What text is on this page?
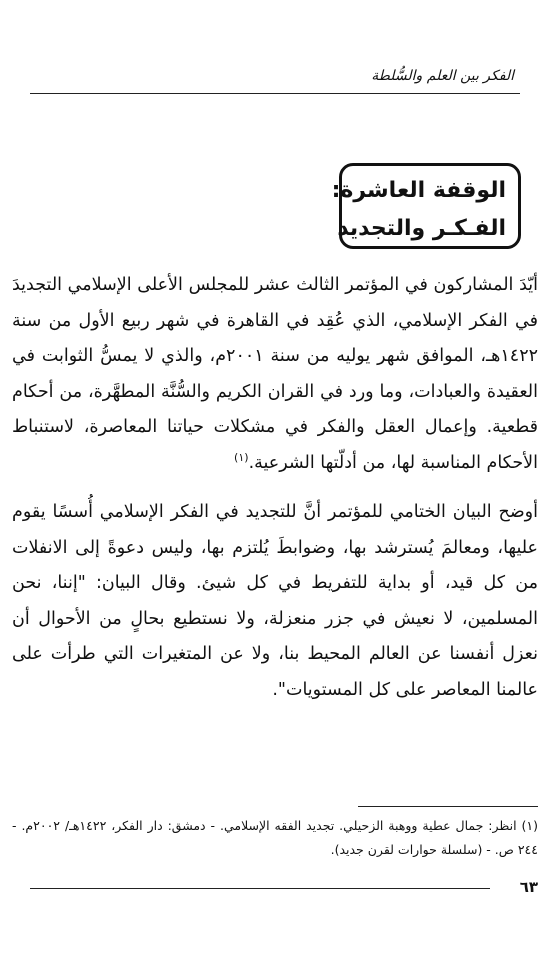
الفكر بين العلم والسُّلطة
الوقفة العاشرة:
الفـكـر والتجديد

أيّدَ المشاركون في المؤتمر الثالث عشر للمجلس الأعلى الإسلامي التجديدَ في الفكر الإسلامي، الذي عُقِد في القاهرة في شهر ربيع الأول من سنة ١٤٢٢هـ، الموافق شهر يوليه من سنة ٢٠٠١م، والذي لا يمسُّ الثوابت في العقيدة والعبادات، وما ورد في القران الكريم والسُّنَّة المطهَّرة، من أحكام قطعية. وإعمال العقل والفكر في مشكلات حياتنا المعاصرة، لاستنباط الأحكام المناسبة لها، من أدلّتها الشرعية.$^{(١)}$

أوضح البيان الختامي للمؤتمر أنَّ للتجديد في الفكر الإسلامي أُسسًا يقوم عليها، ومعالمَ يُسترشد بها، وضوابطَ يُلتزم بها، وليس دعوةً إلى الانفلات من كل قيد، أو بداية للتفريط في كل شيئ. وقال البيان: "إننا، نحن المسلمين، لا نعيش في جزر منعزلة، ولا نستطيع بحالٍ من الأحوال أن نعزل أنفسنا عن العالم المحيط بنا، ولا عن المتغيرات التي طرأت على عالمنا المعاصر على كل المستويات".

(١) انظر: جمال عطية ووهبة الزحيلي. تجديد الفقه الإسلامي. - دمشق: دار الفكر، ١٤٢٢هـ/ ٢٠٠٢م. - ٢٤٤ ص. - (سلسلة حوارات لقرن جديد).
٦٣
